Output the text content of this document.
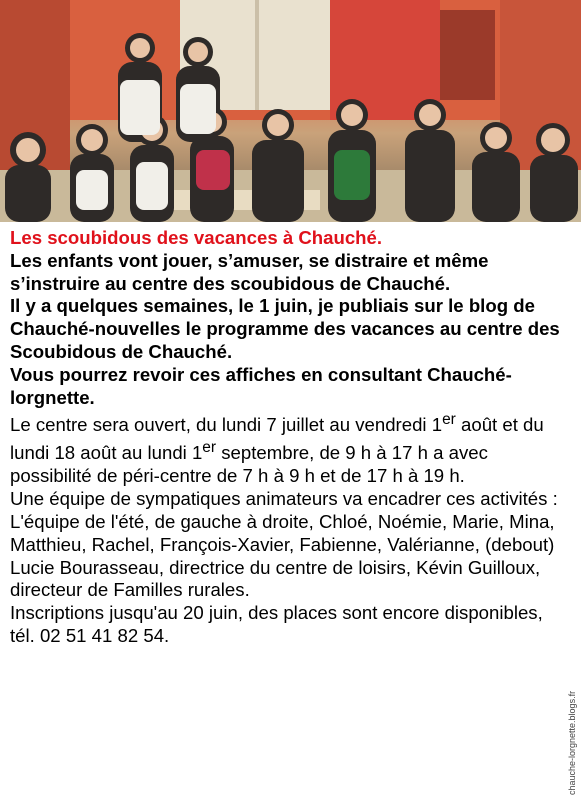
Les scoubidous des vacances à Chauché.

Les enfants vont jouer, s’amuser, se distraire et même s’instruire au centre des scoubidous de Chauché.

Il y a quelques semaines, le 1 juin, je publiais sur le blog de Chauché-nouvelles le programme des vacances au centre des Scoubidous de Chauché.

Vous pourrez revoir ces affiches en consultant Chauché-lorgnette.

Le centre sera ouvert, du lundi 7 juillet au vendredi 1er août et du lundi 18 août au lundi 1er septembre, de 9 h à 17 h a avec possibilité de péri-centre de 7 h à 9 h et de 17 h à 19 h.

Une équipe de sympatiques animateurs va encadrer ces activités :

L'équipe de l'été, de gauche à droite, Chloé, Noémie, Marie, Mina, Matthieu, Rachel, François-Xavier, Fabienne, Valérianne, (debout) Lucie Bourasseau, directrice du centre de loisirs, Kévin Guilloux, directeur de Familles rurales.

Inscriptions jusqu'au 20 juin, des places sont encore disponibles, tél. 02 51 41 82 54.

chauche-lorgnette.blogs.fr
